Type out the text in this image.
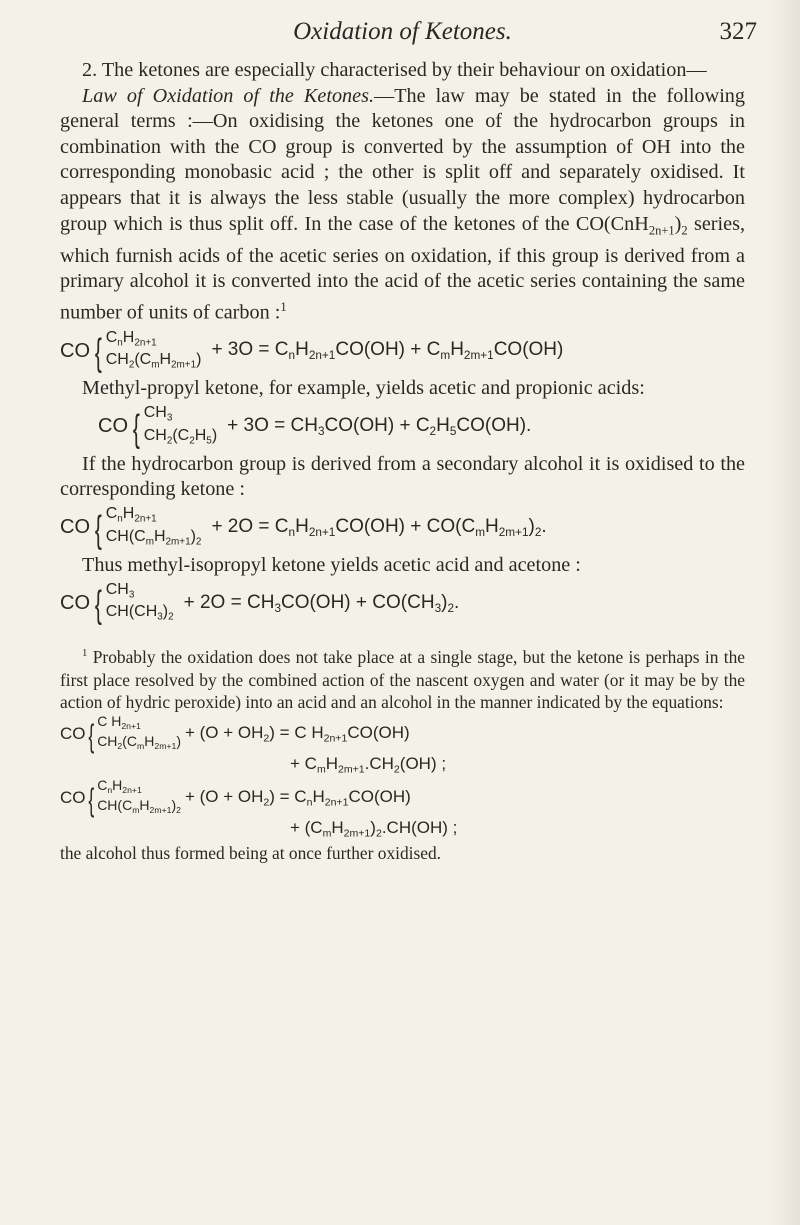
Oxidation of Ketones.	327

2. The ketones are especially characterised by their behaviour on oxidation—

Law of Oxidation of the Ketones.—The law may be stated in the following general terms :—On oxidising the ketones one of the hydrocarbon groups in combination with the CO group is converted by the assumption of OH into the corresponding monobasic acid ; the other is split off and separately oxidised. It appears that it is always the less stable (usually the more complex) hydrocarbon group which is thus split off. In the case of the ketones of the $CO(CnH_{2n+1})_2$ series, which furnish acids of the acetic series on oxidation, if this group is derived from a primary alcohol it is converted into the acid of the acetic series containing the same number of units of carbon :$^1$

CO { $C_nH_{2n+1}$
$CH_2(C_mH_{2m+1}) + 3O = C_nH_{2n+1}CO(OH) + C_mH_{2m+1}CO(OH)$

Methyl-propyl ketone, for example, yields acetic and propionic acids:

CO { $CH_3$
$CH_2(C_2H_5) + 3O = CH_3CO(OH) + C_2H_5CO(OH)$.

If the hydrocarbon group is derived from a secondary alcohol it is oxidised to the corresponding ketone :

CO { $C_nH_{2n+1}$
$CH(C_mH_{2m+1})_2$
+ $2O = C_nH_{2n+1}CO(OH) + CO(C_mH_{2m+1})_2$.

Thus methyl-isopropyl ketone yields acetic acid and acetone :

CO { $CH_3$
$CH(CH_3)_2$
+ $2O = CH_3CO(OH) + CO(CH_3)_2$.

$^1$ Probably the oxidation does not take place at a single stage, but the ketone is perhaps in the first place resolved by the combined action of the nascent oxygen and water (or it may be by the action of hydric peroxide) into an acid and an alcohol in the manner indicated by the equations:

CO { C $H_{2n+1}$
$CH_2(C_mH_{2m+1}) + (O + OH_2) = C$ $H_{2n+1}CO(OH)$
+ $C_mH_{2m+1}.CH_2(OH)$ ;
CO { $C_nH_{2n+1}$
$CH(C_mH_{2m+1})_2$
+ $(O + OH_2) = C_nH_{2n+1}CO(OH)$
+ $(C_mH_{2m+1})_2.CH(OH)$ ;

the alcohol thus formed being at once further oxidised.
